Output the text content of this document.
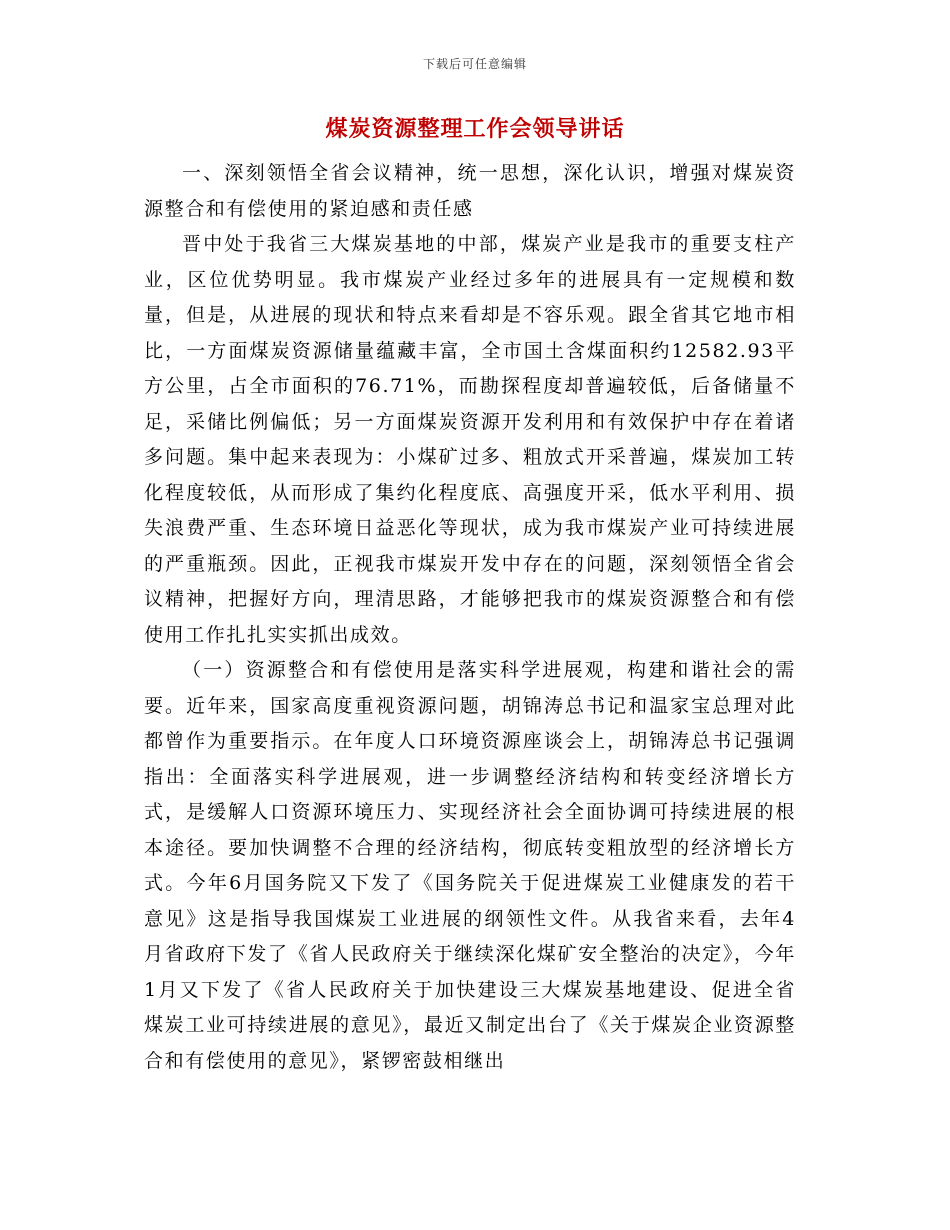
下载后可任意编辑
煤炭资源整理工作会领导讲话

一、深刻领悟全省会议精神，统一思想，深化认识，增强对煤炭资源整合和有偿使用的紧迫感和责任感

晋中处于我省三大煤炭基地的中部，煤炭产业是我市的重要支柱产业，区位优势明显。我市煤炭产业经过多年的进展具有一定规模和数量，但是，从进展的现状和特点来看却是不容乐观。跟全省其它地市相比，一方面煤炭资源储量蕴藏丰富，全市国土含煤面积约12582.93平方公里，占全市面积的76.71%，而勘探程度却普遍较低，后备储量不足，采储比例偏低；另一方面煤炭资源开发利用和有效保护中存在着诸多问题。集中起来表现为：小煤矿过多、粗放式开采普遍，煤炭加工转化程度较低，从而形成了集约化程度底、高强度开采，低水平利用、损失浪费严重、生态环境日益恶化等现状，成为我市煤炭产业可持续进展的严重瓶颈。因此，正视我市煤炭开发中存在的问题，深刻领悟全省会议精神，把握好方向，理清思路，才能够把我市的煤炭资源整合和有偿使用工作扎扎实实抓出成效。

（一）资源整合和有偿使用是落实科学进展观，构建和谐社会的需要。近年来，国家高度重视资源问题，胡锦涛总书记和温家宝总理对此都曾作为重要指示。在年度人口环境资源座谈会上，胡锦涛总书记强调指出：全面落实科学进展观，进一步调整经济结构和转变经济增长方式，是缓解人口资源环境压力、实现经济社会全面协调可持续进展的根本途径。要加快调整不合理的经济结构，彻底转变粗放型的经济增长方式。今年6月国务院又下发了《国务院关于促进煤炭工业健康发的若干意见》这是指导我国煤炭工业进展的纲领性文件。从我省来看，去年4月省政府下发了《省人民政府关于继续深化煤矿安全整治的决定》，今年1月又下发了《省人民政府关于加快建设三大煤炭基地建设、促进全省煤炭工业可持续进展的意见》，最近又制定出台了《关于煤炭企业资源整合和有偿使用的意见》，紧锣密鼓相继出
